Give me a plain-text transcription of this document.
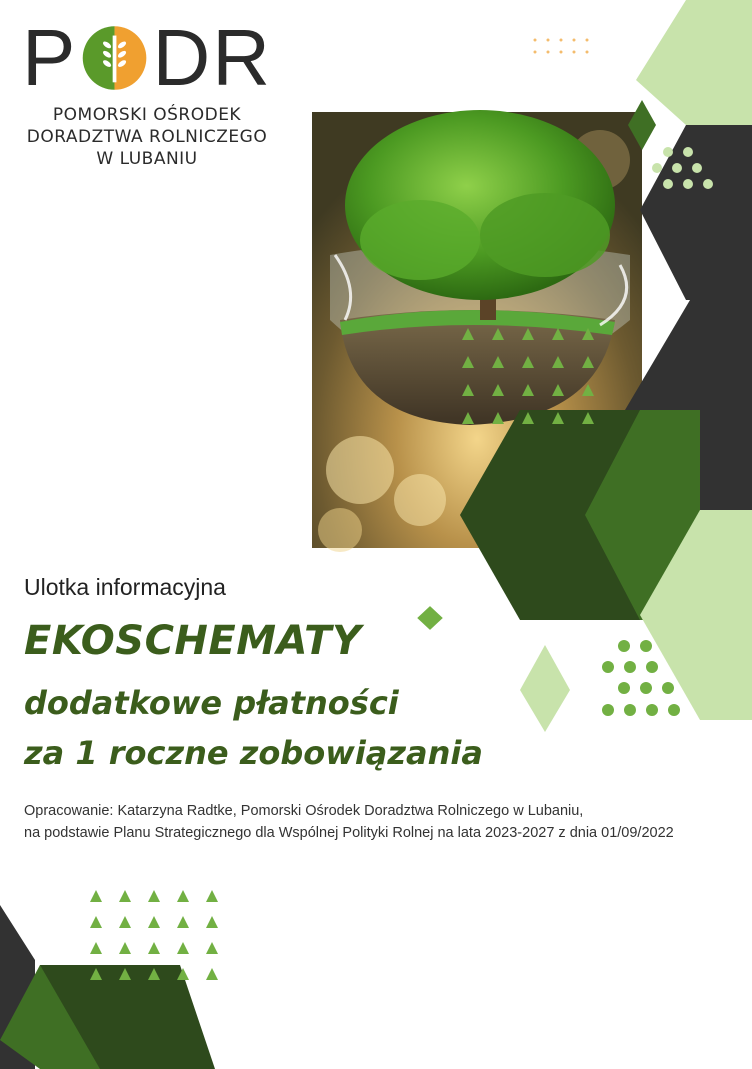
P D R
POMORSKI OŚRODEK
DORADZTWA ROLNICZEGO
W LUBANIU
Ulotka informacyjna
EKOSCHEMATY
dodatkowe płatności
za 1 roczne zobowiązania
Opracowanie: Katarzyna Radtke, Pomorski Ośrodek Doradztwa Rolniczego w Lubaniu,
na podstawie Planu Strategicznego dla Wspólnej Polityki Rolnej na lata 2023-2027 z dnia 01/09/2022
